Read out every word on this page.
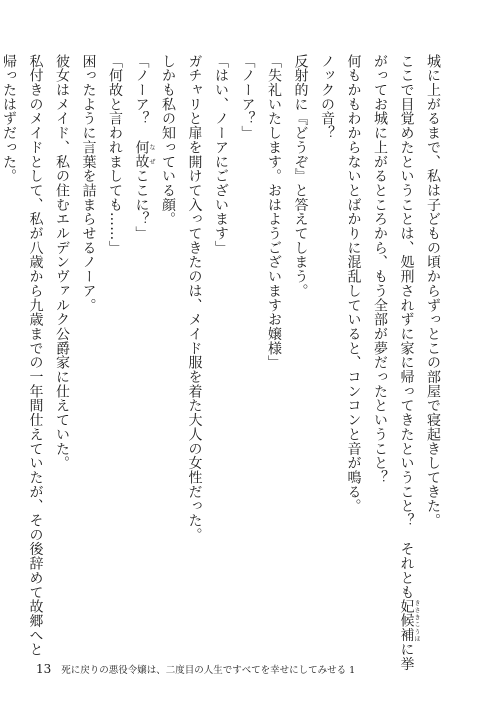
城に上がるまで、私は子どもの頃からずっとこの部屋で寝起きしてきた。

ここで目覚めたということは、処刑されずに家に帰ってきたということ？　それとも妃候補きさきこうほに挙

がってお城に上がるところから、もう全部が夢だったということ？

何もかもわからないとばかりに混乱していると、コンコンと音が鳴る。

ノックの音？

反射的に『どうぞ』と答えてしまう。

「失礼いたします。おはようございますお嬢様」

「ノーア？」

「はい、ノーアにございます」

ガチャリと扉を開けて入ってきたのは、メイド服を着た大人の女性だった。

しかも私の知っている顔。

「ノーア？　何故なぜここに？」

「何故と言われましても……」

困ったように言葉を詰まらせるノーア。

彼女はメイド、私の住むエルデンヴァルク公爵家に仕えていた。

私付きのメイドとして、私が八歳から九歳までの一年間仕えていたが、その後辞めて故郷へと

帰ったはずだった。

13 死に戻りの悪役令嬢は、二度目の人生ですべてを幸せにしてみせる 1
